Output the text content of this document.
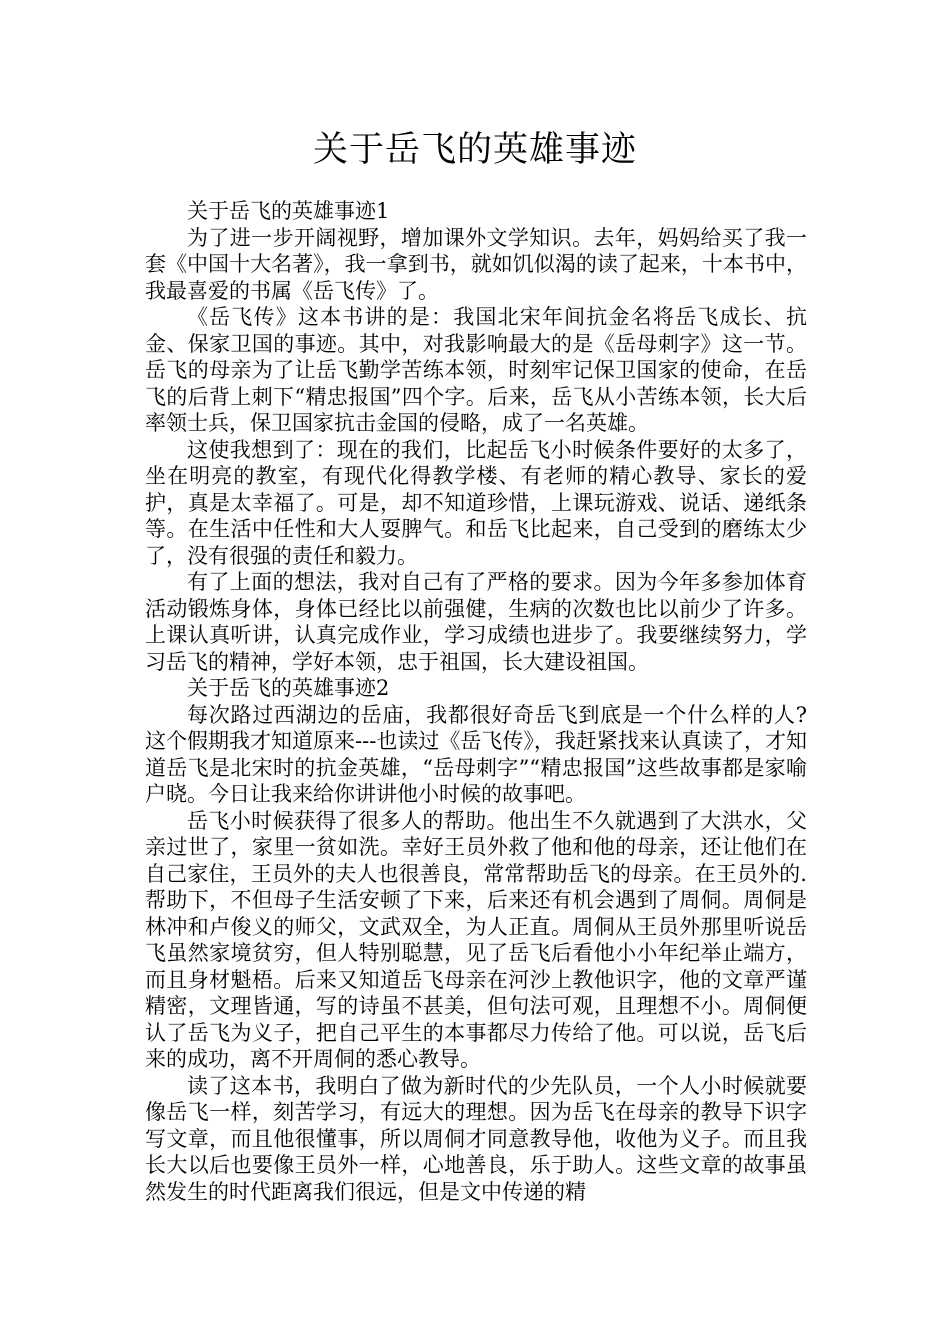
关于岳飞的英雄事迹

关于岳飞的英雄事迹1

为了进一步开阔视野，增加课外文学知识。去年，妈妈给买了我一套《中国十大名著》，我一拿到书，就如饥似渴的读了起来，十本书中，我最喜爱的书属《岳飞传》了。

《岳飞传》这本书讲的是：我国北宋年间抗金名将岳飞成长、抗金、保家卫国的事迹。其中，对我影响最大的是《岳母刺字》这一节。岳飞的母亲为了让岳飞勤学苦练本领，时刻牢记保卫国家的使命，在岳飞的后背上刺下“精忠报国”四个字。后来，岳飞从小苦练本领，长大后率领士兵，保卫国家抗击金国的侵略，成了一名英雄。

这使我想到了：现在的我们，比起岳飞小时候条件要好的太多了，坐在明亮的教室，有现代化得教学楼、有老师的精心教导、家长的爱护，真是太幸福了。可是，却不知道珍惜，上课玩游戏、说话、递纸条等。在生活中任性和大人耍脾气。和岳飞比起来，自己受到的磨练太少了，没有很强的责任和毅力。

有了上面的想法，我对自己有了严格的要求。因为今年多参加体育活动锻炼身体，身体已经比以前强健，生病的次数也比以前少了许多。上课认真听讲，认真完成作业，学习成绩也进步了。我要继续努力，学习岳飞的精神，学好本领，忠于祖国，长大建设祖国。

关于岳飞的英雄事迹2

每次路过西湖边的岳庙，我都很好奇岳飞到底是一个什么样的人?这个假期我才知道原来---也读过《岳飞传》，我赶紧找来认真读了，才知道岳飞是北宋时的抗金英雄，“岳母刺字”“精忠报国”这些故事都是家喻户晓。今日让我来给你讲讲他小时候的故事吧。

岳飞小时候获得了很多人的帮助。他出生不久就遇到了大洪水，父亲过世了，家里一贫如洗。幸好王员外救了他和他的母亲，还让他们在自己家住，王员外的夫人也很善良，常常帮助岳飞的母亲。在王员外的.帮助下，不但母子生活安顿了下来，后来还有机会遇到了周侗。周侗是林冲和卢俊义的师父，文武双全，为人正直。周侗从王员外那里听说岳飞虽然家境贫穷，但人特别聪慧，见了岳飞后看他小小年纪举止端方，而且身材魁梧。后来又知道岳飞母亲在河沙上教他识字，他的文章严谨精密，文理皆通，写的诗虽不甚美，但句法可观，且理想不小。周侗便认了岳飞为义子，把自己平生的本事都尽力传给了他。可以说，岳飞后来的成功，离不开周侗的悉心教导。

读了这本书，我明白了做为新时代的少先队员，一个人小时候就要像岳飞一样，刻苦学习，有远大的理想。因为岳飞在母亲的教导下识字写文章，而且他很懂事，所以周侗才同意教导他，收他为义子。而且我长大以后也要像王员外一样，心地善良，乐于助人。这些文章的故事虽然发生的时代距离我们很远，但是文中传递的精
